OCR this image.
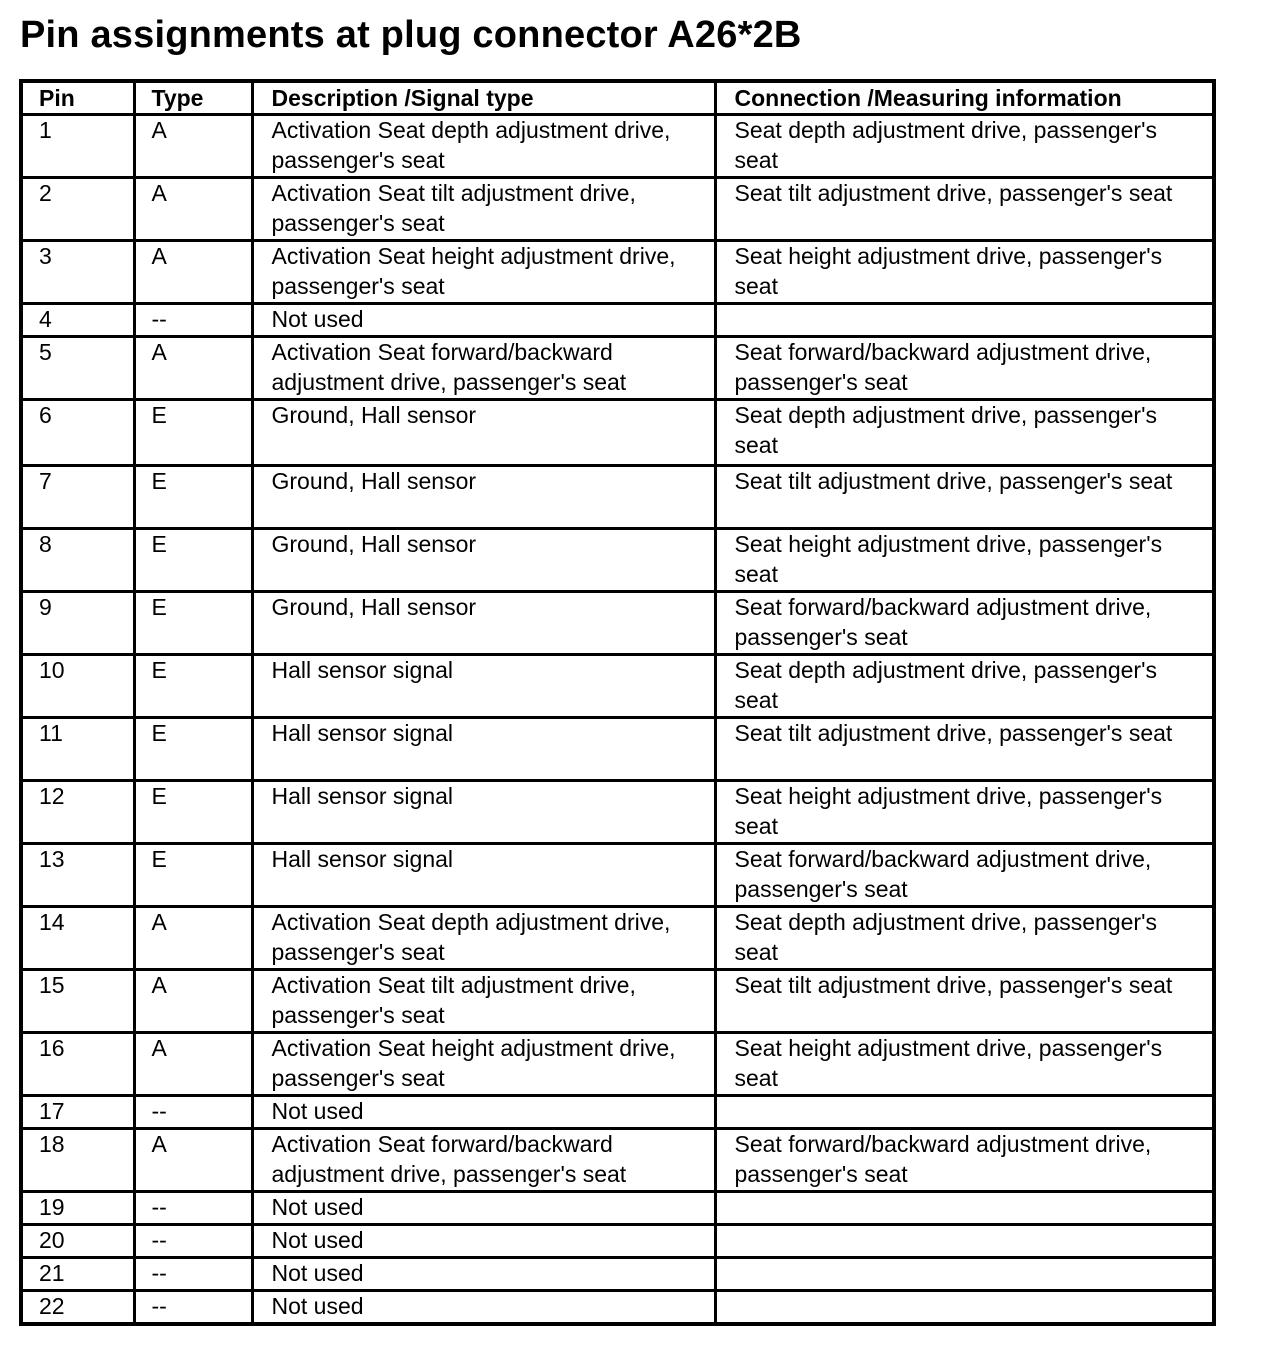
Pin assignments at plug connector A26*2B
Pin	Type	Description /Signal type	Connection /Measuring information
1	A	Activation Seat depth adjustment drive, passenger's seat	Seat depth adjustment drive, passenger's seat
2	A	Activation Seat tilt adjustment drive, passenger's seat	Seat tilt adjustment drive, passenger's seat
3	A	Activation Seat height adjustment drive, passenger's seat	Seat height adjustment drive, passenger's seat
4	--	Not used	
5	A	Activation Seat forward/backward adjustment drive, passenger's seat	Seat forward/backward adjustment drive, passenger's seat
6	E	Ground, Hall sensor	Seat depth adjustment drive, passenger's seat
7	E	Ground, Hall sensor	Seat tilt adjustment drive, passenger's seat
8	E	Ground, Hall sensor	Seat height adjustment drive, passenger's seat
9	E	Ground, Hall sensor	Seat forward/backward adjustment drive, passenger's seat
10	E	Hall sensor signal	Seat depth adjustment drive, passenger's seat
11	E	Hall sensor signal	Seat tilt adjustment drive, passenger's seat
12	E	Hall sensor signal	Seat height adjustment drive, passenger's seat
13	E	Hall sensor signal	Seat forward/backward adjustment drive, passenger's seat
14	A	Activation Seat depth adjustment drive, passenger's seat	Seat depth adjustment drive, passenger's seat
15	A	Activation Seat tilt adjustment drive, passenger's seat	Seat tilt adjustment drive, passenger's seat
16	A	Activation Seat height adjustment drive, passenger's seat	Seat height adjustment drive, passenger's seat
17	--	Not used	
18	A	Activation Seat forward/backward adjustment drive, passenger's seat	Seat forward/backward adjustment drive, passenger's seat
19	--	Not used	
20	--	Not used	
21	--	Not used	
22	--	Not used	
